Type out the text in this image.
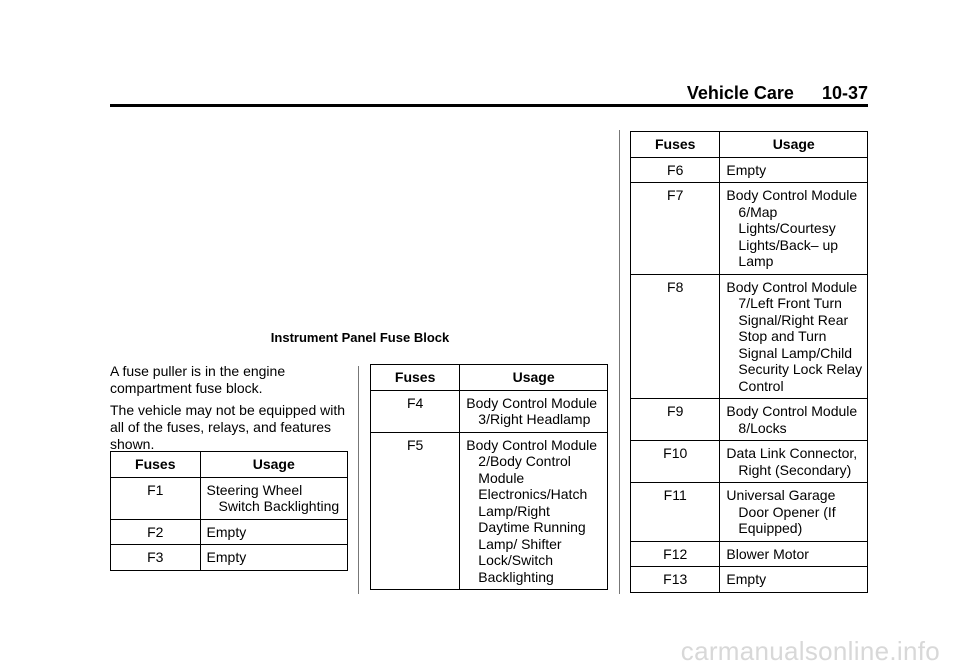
Vehicle Care 10-37
Instrument Panel Fuse Block

A fuse puller is in the engine compartment fuse block.

The vehicle may not be equipped with all of the fuses, relays, and features shown.

Fuses	Usage
F1	Steering Wheel Switch Backlighting

F2	Empty

F3	Empty
Fuses	Usage
F4	Body Control Module 3/Right Headlamp

F5	Body Control Module 2/Body Control Module Electronics/Hatch Lamp/Right Daytime Running Lamp/ Shifter Lock/Switch Backlighting
Fuses	Usage
F6	Empty

F7	Body Control Module 6/Map Lights/Courtesy Lights/Back– up Lamp

F8	Body Control Module 7/Left Front Turn Signal/Right Rear Stop and Turn Signal Lamp/Child Security Lock Relay Control

F9	Body Control Module 8/Locks

F10	Data Link Connector, Right (Secondary)

F11	Universal Garage Door Opener (If Equipped)

F12	Blower Motor

F13	Empty
carmanualsonline.info
